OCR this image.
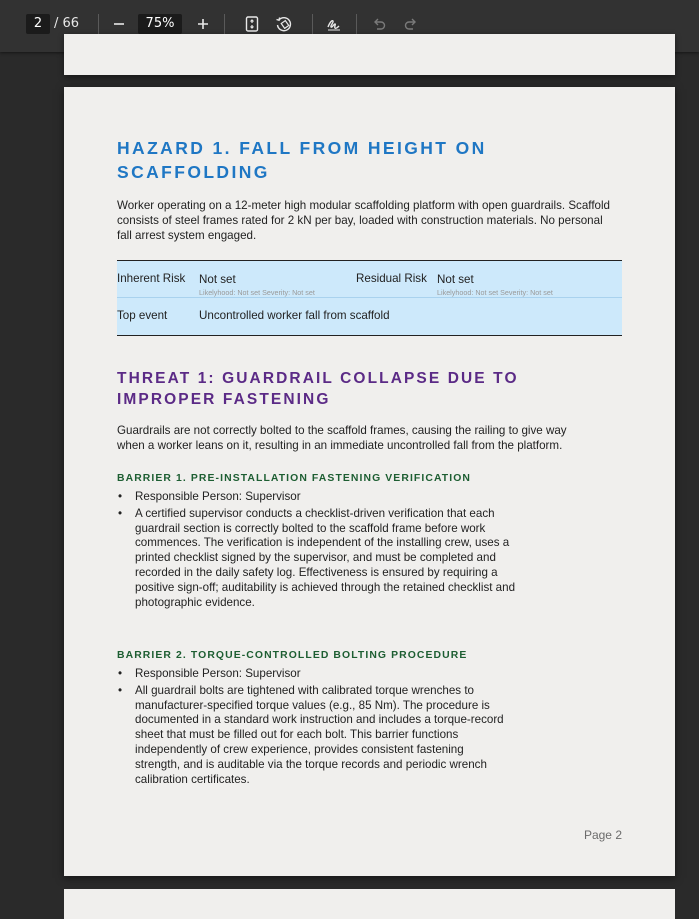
2 / 66	75%
HAZARD 1. FALL FROM HEIGHT ON SCAFFOLDING
Worker operating on a 12-meter high modular scaffolding platform with open guardrails. Scaffold consists of steel frames rated for 2 kN per bay, loaded with construction materials. No personal fall arrest system engaged.
Inherent Risk Not set
Likelyhood: Not set Severity: Not set
Residual Risk Not set
Likelyhood: Not set Severity: Not set
Top event	Uncontrolled worker fall from scaffold
THREAT 1: GUARDRAIL COLLAPSE DUE TO IMPROPER FASTENING
Guardrails are not correctly bolted to the scaffold frames, causing the railing to give way when a worker leans on it, resulting in an immediate uncontrolled fall from the platform.
BARRIER 1. PRE-INSTALLATION FASTENING VERIFICATION
• Responsible Person: Supervisor
• A certified supervisor conducts a checklist-driven verification that each guardrail section is correctly bolted to the scaffold frame before work commences. The verification is independent of the installing crew, uses a printed checklist signed by the supervisor, and must be completed and recorded in the daily safety log. Effectiveness is ensured by requiring a positive sign-off; auditability is achieved through the retained checklist and photographic evidence.
BARRIER 2. TORQUE-CONTROLLED BOLTING PROCEDURE
• Responsible Person: Supervisor
• All guardrail bolts are tightened with calibrated torque wrenches to manufacturer-specified torque values (e.g., 85 Nm). The procedure is documented in a standard work instruction and includes a torque-record sheet that must be filled out for each bolt. This barrier functions independently of crew experience, provides consistent fastening strength, and is auditable via the torque records and periodic wrench calibration certificates.
Page 2
